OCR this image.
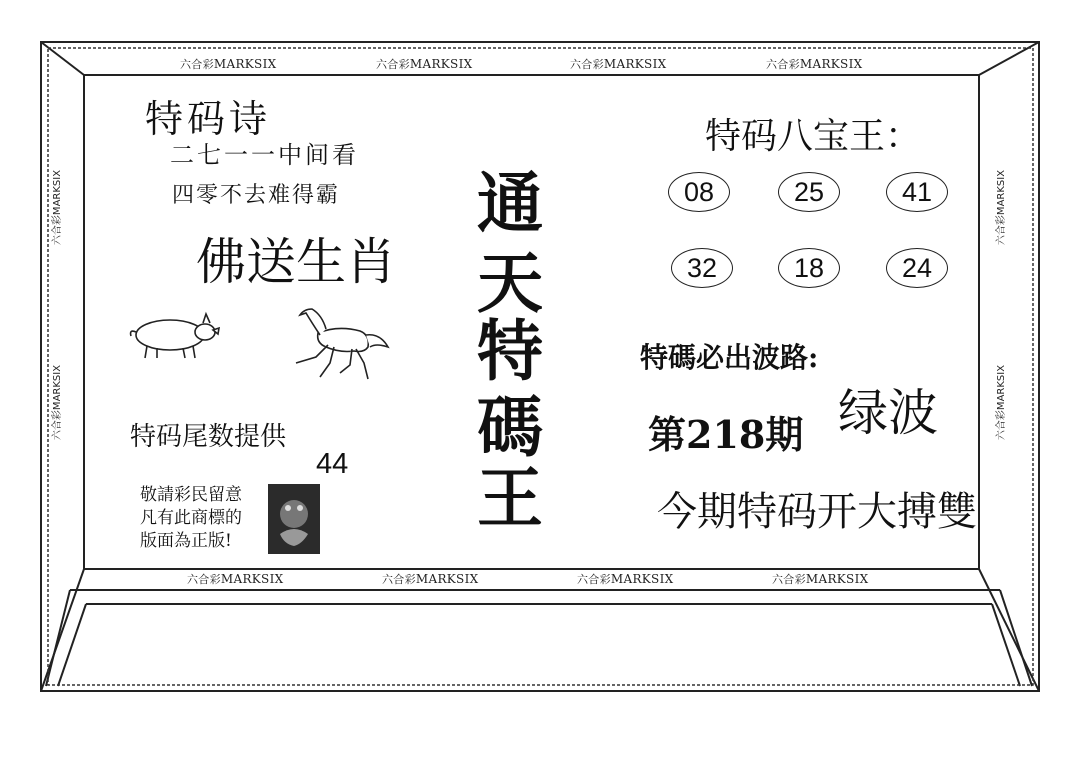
六合彩MARKSIX	六合彩MARKSIX	六合彩MARKSIX	六合彩MARKSIX
六合彩MARKSIX	六合彩MARKSIX	六合彩MARKSIX	六合彩MARKSIX
六合彩MARKSIX
六合彩MARKSIX
六合彩MARKSIX
六合彩MARKSIX
特码诗
二七一一中间看
四零不去难得霸
佛送生肖
特码尾数提供
44
敬請彩民留意
凡有此商標的
版面為正版!
通
天
特
碼
王
特码八宝王：
08	25	41
32	18	24
特碼必出波路:
绿波
第218期
今期特码开大搏雙
